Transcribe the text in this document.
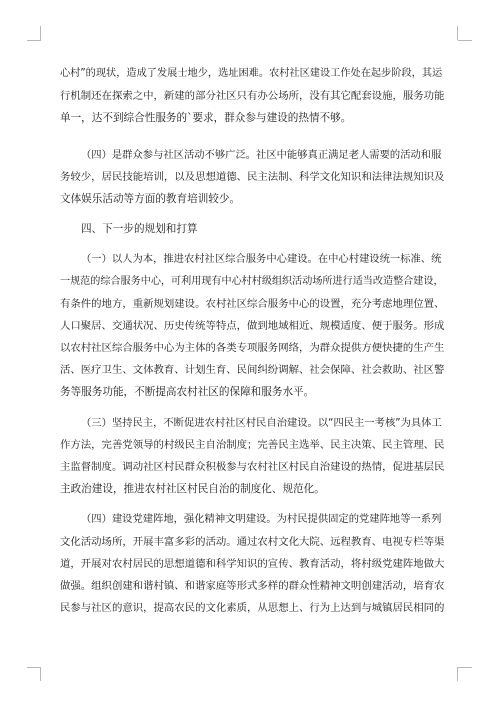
心村”的现状，造成了发展士地少，选址困难。农村社区建设工作处在起步阶段，其运
行机制还在探索之中，新建的部分社区只有办公场所，没有其它配套设施，服务功能
单一，达不到综合性服务的`要求，群众参与建设的热情不够。
（四）是群众参与社区活动不够广泛。社区中能够真正满足老人需要的活动和服
务较少，居民技能培训，以及思想道德、民主法制、科学文化知识和法律法规知识及
文体娱乐活动等方面的教育培训较少。
四、下一步的规划和打算
（一）以人为本，推进农村社区综合服务中心建设。在中心村建设统一标准、统
一规范的综合服务中心，可利用现有中心村村级组织活动场所进行适当改造整合建设，
有条件的地方，重新规划建设。农村社区综合服务中心的设置，充分考虑地理位置、
人口聚居、交通状况、历史传统等特点，做到地域相近、规模适度、便于服务。形成
以农村社区综合服务中心为主体的各类专项服务网络，为群众提供方便快捷的生产生
活、医疗卫生、文体教育、计划生育、民间纠纷调解、社会保障、社会救助、社区警
务等服务功能，不断提高农村社区的保障和服务水平。
（三）坚持民主，不断促进农村社区村民自治建设。以“四民主一考核”为具体工
作方法，完善党领导的村级民主自治制度；完善民主选举、民主决策、民主管理、民
主监督制度。调动社区村民群众积极参与农村社区村民自治建设的热情，促进基层民
主政治建设，推进农村社区村民自治的制度化、规范化。
（四）建设党建阵地，强化精神文明建设。为村民提供固定的党建阵地等一系列
文化活动场所，开展丰富多彩的活动。通过农村文化大院、远程教育、电视专栏等渠
道，开展对农村居民的思想道德和科学知识的宣传、教育活动，将村级党建阵地做大
做强。组织创建和谐村镇、和谐家庭等形式多样的群众性精神文明创建活动，培育农
民参与社区的意识，提高农民的文化素质，从思想上、行为上达到与城镇居民相同的
